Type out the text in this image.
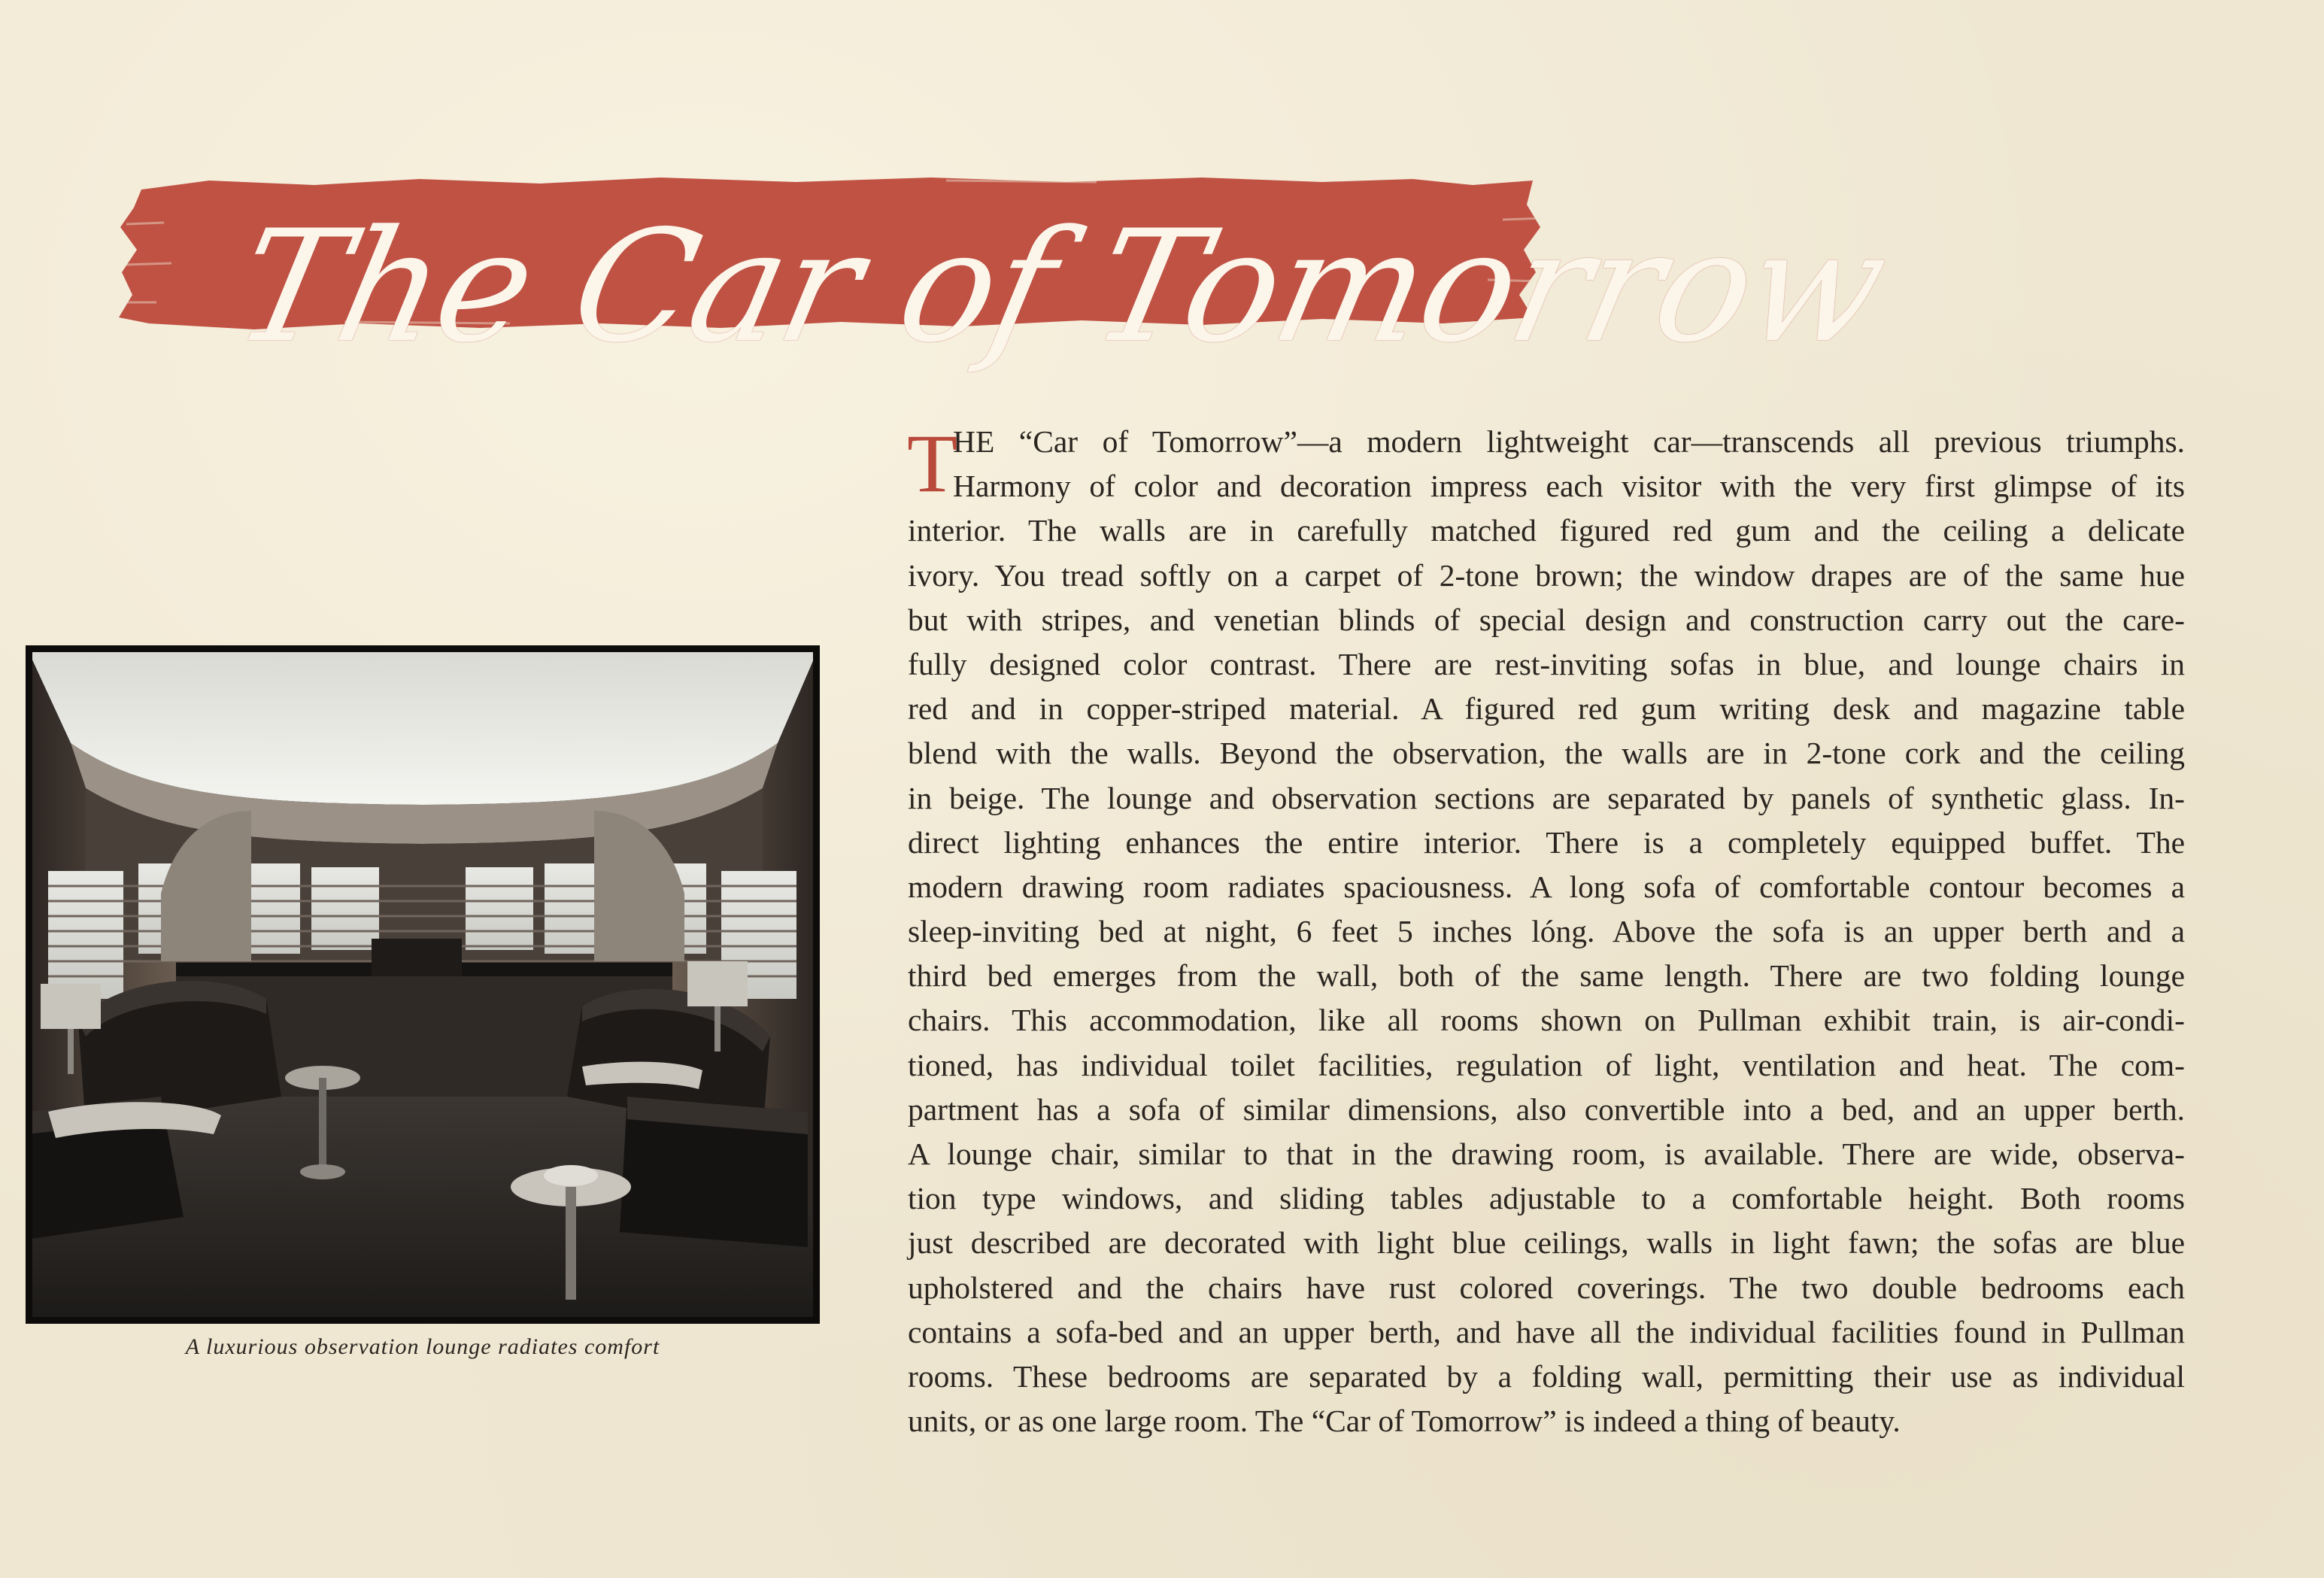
The Car of Tomorrow
A luxurious observation lounge radiates comfort
T
HE “Car of Tomorrow”—a modern lightweight car—transcends all previous triumphs.
Harmony of color and decoration impress each visitor with the very first glimpse of its
interior. The walls are in carefully matched figured red gum and the ceiling a delicate
ivory. You tread softly on a carpet of 2-tone brown; the window drapes are of the same hue
but with stripes, and venetian blinds of special design and construction carry out the care-
fully designed color contrast. There are rest-inviting sofas in blue, and lounge chairs in
red and in copper-striped material. A figured red gum writing desk and magazine table
blend with the walls. Beyond the observation, the walls are in 2-tone cork and the ceiling
in beige. The lounge and observation sections are separated by panels of synthetic glass. In-
direct lighting enhances the entire interior. There is a completely equipped buffet. The
modern drawing room radiates spaciousness. A long sofa of comfortable contour becomes a
sleep-inviting bed at night, 6 feet 5 inches lóng. Above the sofa is an upper berth and a
third bed emerges from the wall, both of the same length. There are two folding lounge
chairs. This accommodation, like all rooms shown on Pullman exhibit train, is air-condi-
tioned, has individual toilet facilities, regulation of light, ventilation and heat. The com-
partment has a sofa of similar dimensions, also convertible into a bed, and an upper berth.
A lounge chair, similar to that in the drawing room, is available. There are wide, observa-
tion type windows, and sliding tables adjustable to a comfortable height. Both rooms
just described are decorated with light blue ceilings, walls in light fawn; the sofas are blue
upholstered and the chairs have rust colored coverings. The two double bedrooms each
contains a sofa-bed and an upper berth, and have all the individual facilities found in Pullman
rooms. These bedrooms are separated by a folding wall, permitting their use as individual
units, or as one large room. The “Car of Tomorrow” is indeed a thing of beauty.
